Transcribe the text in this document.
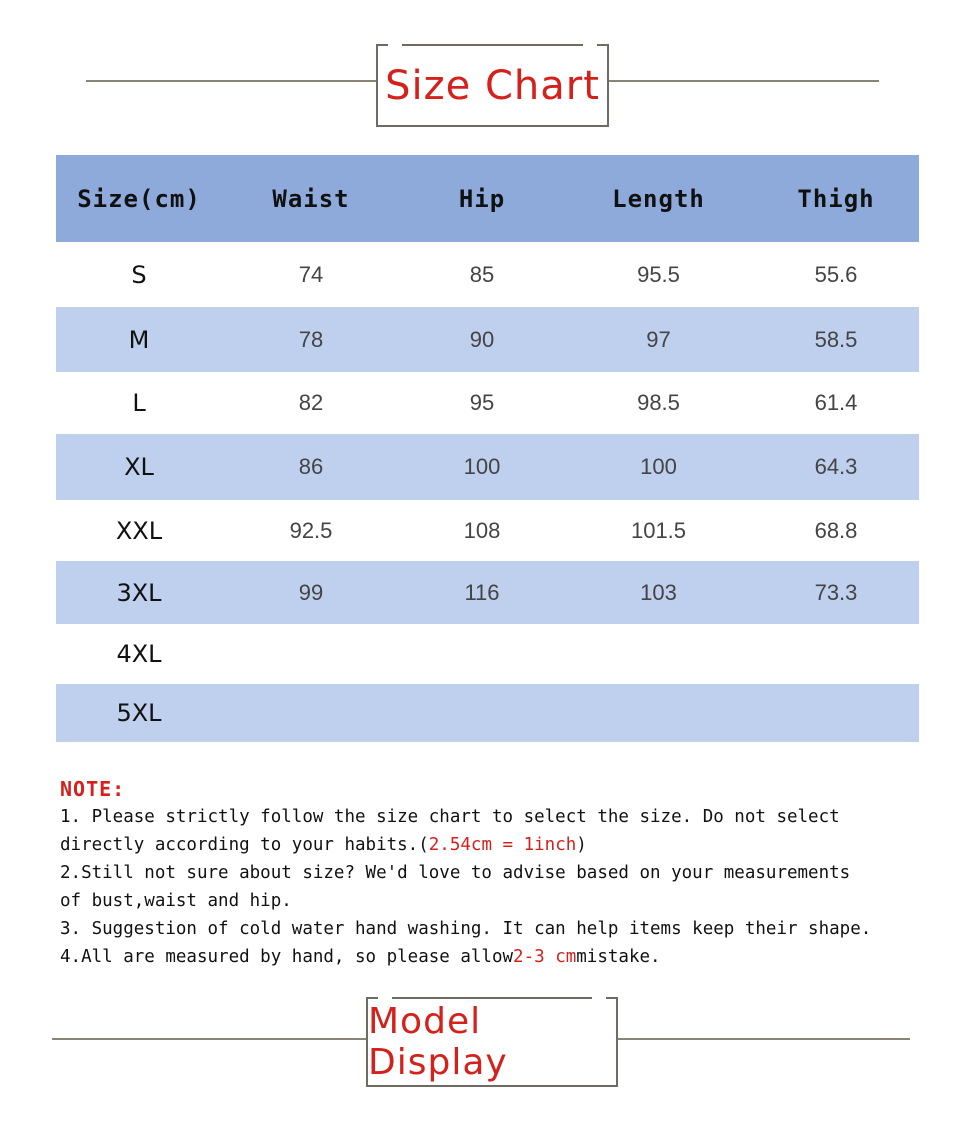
Size Chart
Size(cm)	Waist	Hip	Length	Thigh
S	74	85	95.5	55.6
M	78	90	97	58.5
L	82	95	98.5	61.4
XL	86	100	100	64.3
XXL	92.5	108	101.5	68.8
3XL	99	116	103	73.3
4XL
5XL
NOTE:

1. Please strictly follow the size chart to select the size. Do not select

directly according to your habits.(2.54cm = 1inch)

2.Still not sure about size? We'd love to advise based on your measurements

of bust,waist and hip.

3. Suggestion of cold water hand washing. It can help items keep their shape.

4.All are measured by hand, so please allow2-3 cmmistake.

Model Display
